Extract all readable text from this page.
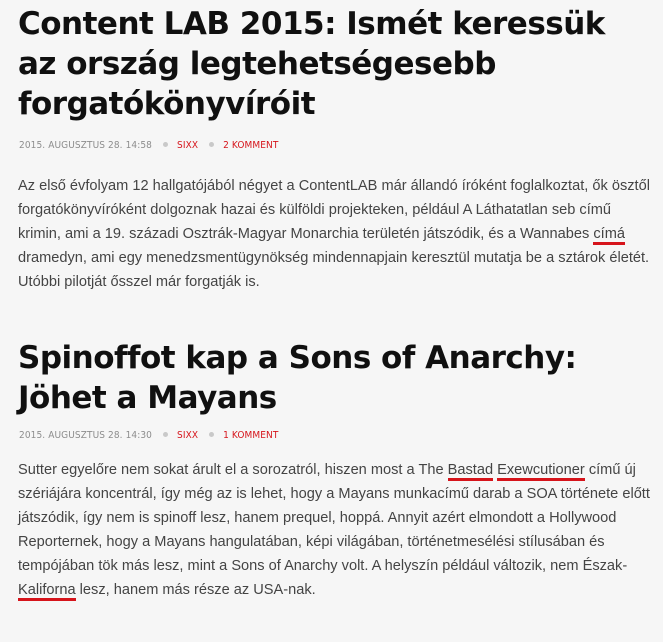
Content LAB 2015: Ismét keressük az ország legtehetségesebb forgatókönyvíróit
2015. AUGUSZTUS 28. 14:58	SIXX	2 KOMMENT

Az első évfolyam 12 hallgatójából négyet a ContentLAB már állandó íróként foglalkoztat, ők ösztől forgatókönyvíróként dolgoznak hazai és külföldi projekteken, például A Láthatatlan seb című krimin, ami a 19. századi Osztrák-Magyar Monarchia területén játszódik, és a Wannabes címá dramedyn, ami egy menedzsmentügynökség mindennapjain keresztül mutatja be a sztárok életét. Utóbbi pilotját ősszel már forgatják is.

Spinoffot kap a Sons of Anarchy: Jöhet a Mayans
2015. AUGUSZTUS 28. 14:30	SIXX	1 KOMMENT

Sutter egyelőre nem sokat árult el a sorozatról, hiszen most a The Bastad Exewcutioner című új szériájára koncentrál, így még az is lehet, hogy a Mayans munkacímű darab a SOA története előtt játszódik, így nem is spinoff lesz, hanem prequel, hoppá. Annyit azért elmondott a Hollywood Reporternek, hogy a Mayans hangulatában, képi világában, történetmesélési stílusában és tempójában tök más lesz, mint a Sons of Anarchy volt. A helyszín például változik, nem Észak-Kaliforna lesz, hanem más része az USA-nak.
